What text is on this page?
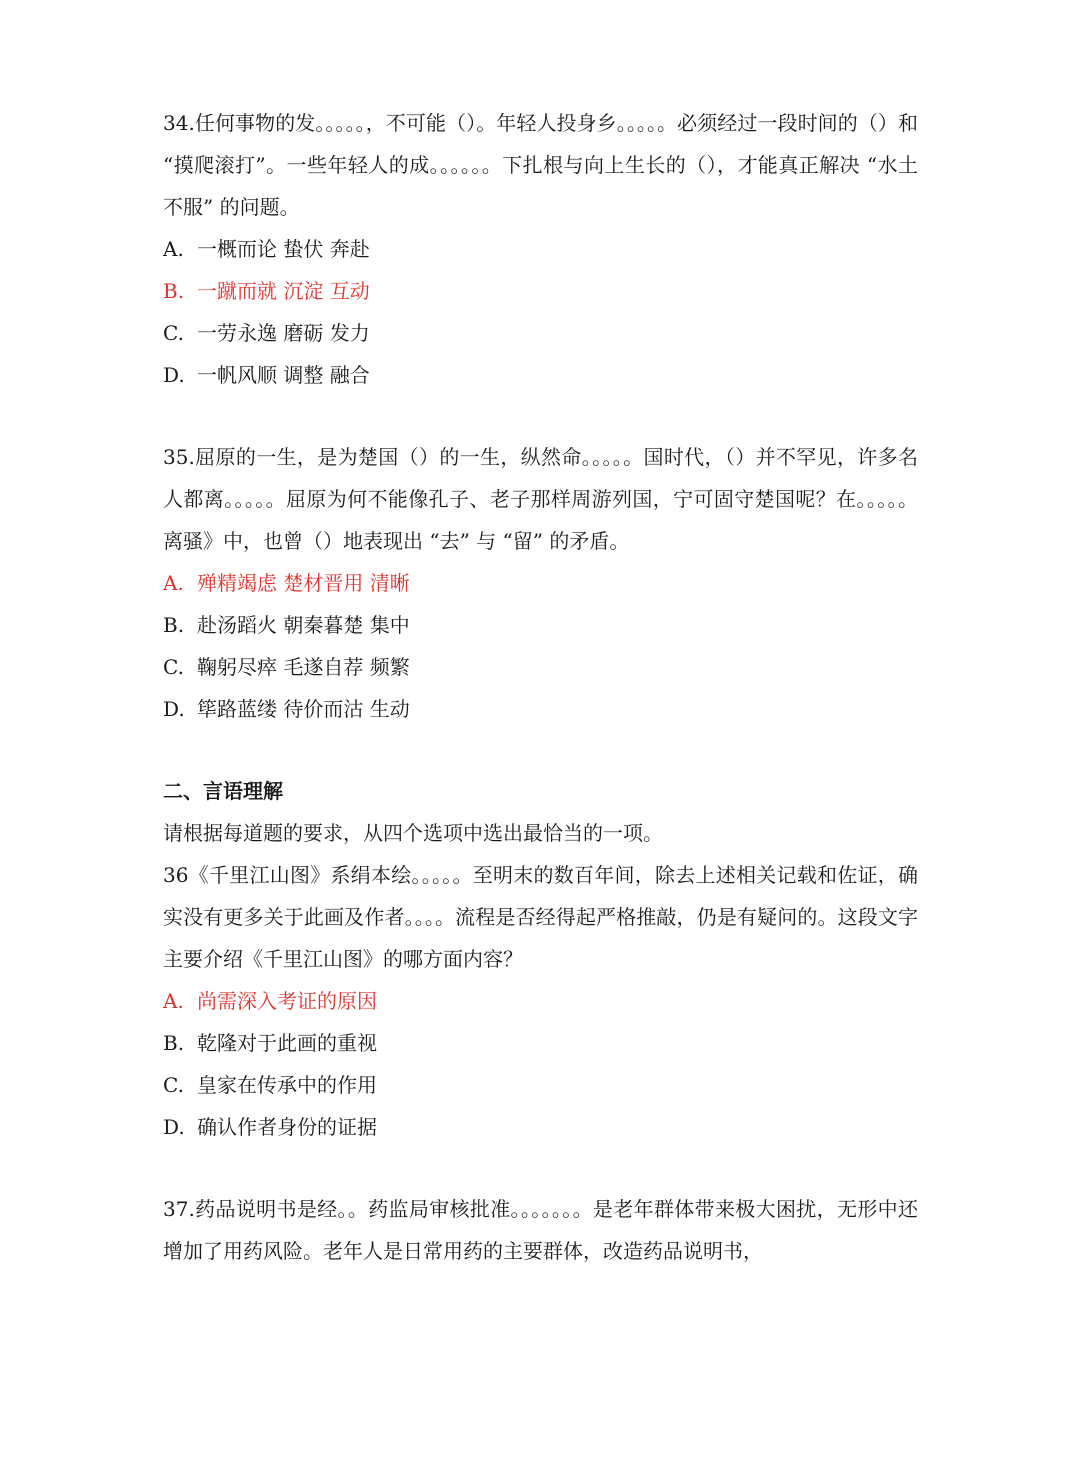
34.任何事物的发。。。。。，不可能（）。年轻人投身乡。。。。。必须经过一段时间的（）和 “摸爬滚打”。一些年轻人的成。。。。。。下扎根与向上生长的（），才能真正解决 “水土不服” 的问题。

A. 一概而论 蛰伏 奔赴

B. 一蹴而就 沉淀 互动

C. 一劳永逸 磨砺 发力

D. 一帆风顺 调整 融合

35.屈原的一生，是为楚国（）的一生，纵然命。。。。。国时代，（）并不罕见，许多名人都离。。。。。屈原为何不能像孔子、老子那样周游列国，宁可固守楚国呢？在。。。。。离骚》中，也曾（）地表现出 “去” 与 “留” 的矛盾。

A. 殚精竭虑 楚材晋用 清晰

B. 赴汤蹈火 朝秦暮楚 集中

C. 鞠躬尽瘁 毛遂自荐 频繁

D. 筚路蓝缕 待价而沽 生动

二、言语理解

请根据每道题的要求，从四个选项中选出最恰当的一项。

36《千里江山图》系绢本绘。。。。。至明末的数百年间，除去上述相关记载和佐证，确实没有更多关于此画及作者。。。。流程是否经得起严格推敲，仍是有疑问的。这段文字主要介绍《千里江山图》的哪方面内容？

A. 尚需深入考证的原因

B. 乾隆对于此画的重视

C. 皇家在传承中的作用

D. 确认作者身份的证据

37.药品说明书是经。。药监局审核批准。。。。。。。是老年群体带来极大困扰，无形中还增加了用药风险。老年人是日常用药的主要群体，改造药品说明书，
